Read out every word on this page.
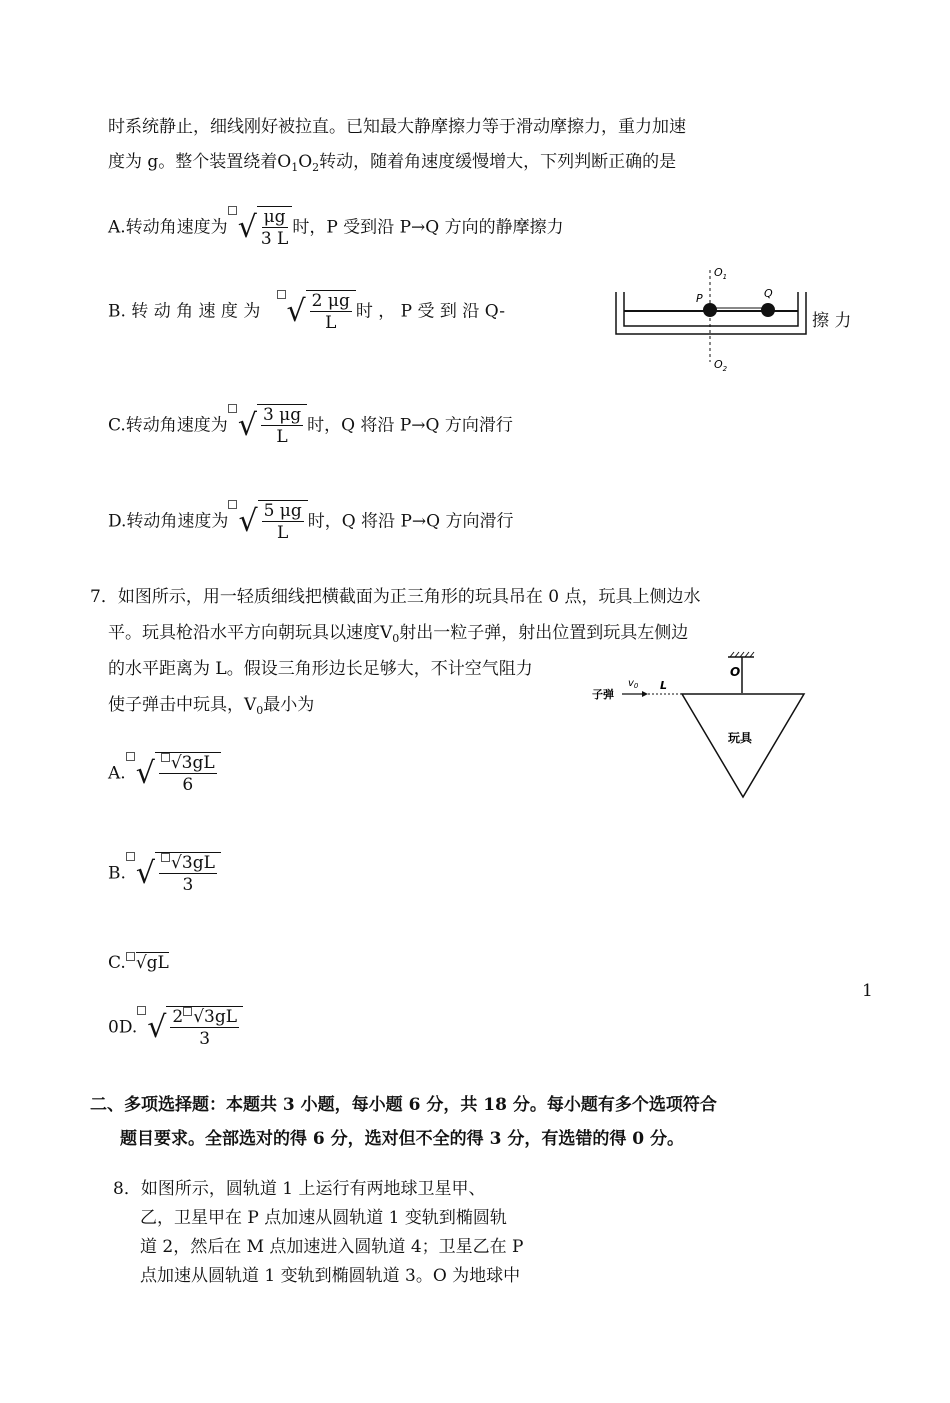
时系统静止，细线刚好被拉直。已知最大静摩擦力等于滑动摩擦力，重力加速
度为 g。整个装置绕着$O_1O_2$转动，随着角速度缓慢增大，下列判断正确的是
A.转动角速度为 √ $\frac{\mu g}{3 L}$ 时，P 受到沿 P→Q 方向的静摩擦力
B. 转 动 角 速 度 为 √ $\frac{2 \mu g}{L}$ 时 ， P 受 到 沿 Q-	擦 力
$O_1$
$O_2$
P	Q
C.转动角速度为 √ $\frac{3 \mu g}{L}$ 时，Q 将沿 P→Q 方向滑行
D.转动角速度为 √ $\frac{5 \mu g}{L}$ 时，Q 将沿 P→Q 方向滑行
7．如图所示，用一轻质细线把横截面为正三角形的玩具吊在 0 点，玩具上侧边水
平。玩具枪沿水平方向朝玩具以速度$V_0$射出一粒子弹，射出位置到玩具左侧边
的水平距离为 L。假设三角形边长足够大，不计空气阻力
使子弹击中玩具，$V_0$最小为
O
玩具
子弹
$v_0$ L
A. √ $\frac{√3gL}{6}$
B. √ $\frac{√3gL}{3}$
C. √gL
0D. √ $\frac{2 √3gL}{3}$
1
二、多项选择题：本题共 3 小题，每小题 6 分，共 18 分。每小题有多个选项符合
题目要求。全部选对的得 6 分，选对但不全的得 3 分，有选错的得 0 分。
8．如图所示，圆轨道 1 上运行有两地球卫星甲、
乙，卫星甲在 P 点加速从圆轨道 1 变轨到椭圆轨
道 2，然后在 M 点加速进入圆轨道 4；卫星乙在 P
点加速从圆轨道 1 变轨到椭圆轨道 3。O 为地球中
